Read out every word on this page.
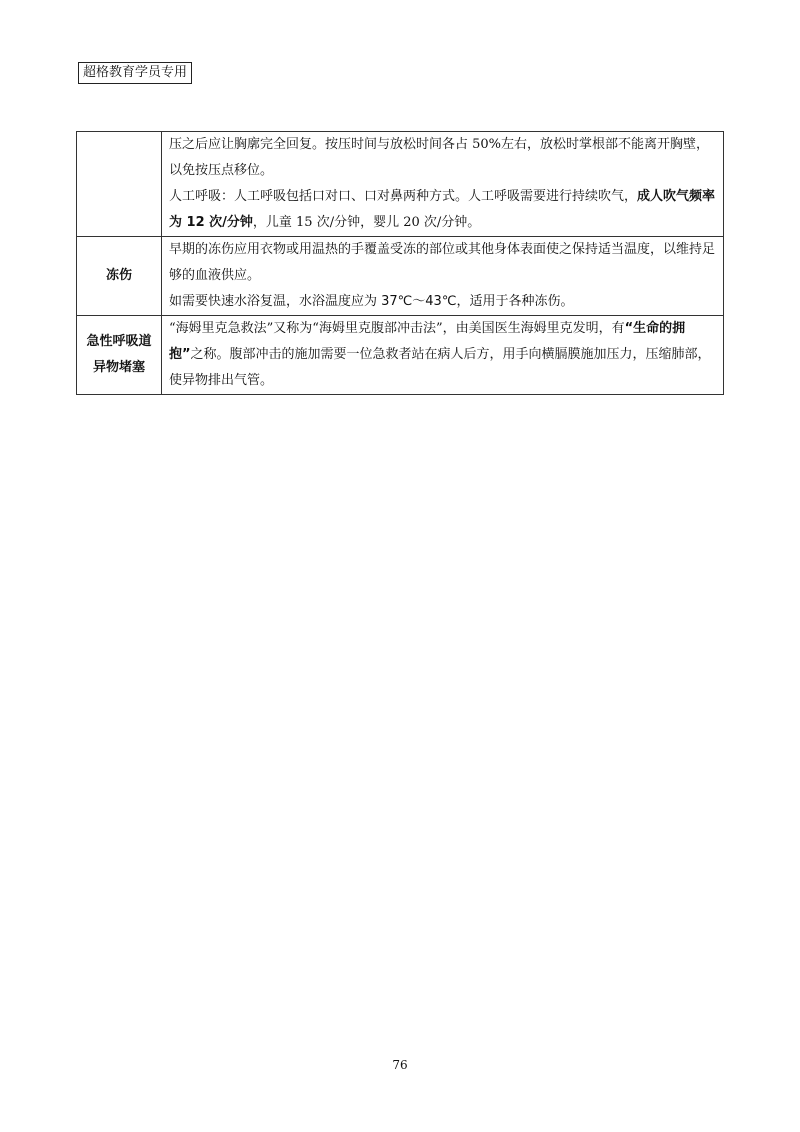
超格教育学员专用

	压之后应让胸廓完全回复。按压时间与放松时间各占 50%左右，放松时掌根部不能离开胸壁，以免按压点移位。

人工呼吸：人工呼吸包括口对口、口对鼻两种方式。人工呼吸需要进行持续吹气，成人吹气频率为 12 次/分钟，儿童 15 次/分钟，婴儿 20 次/分钟。

冻伤	早期的冻伤应用衣物或用温热的手覆盖受冻的部位或其他身体表面使之保持适当温度，以维持足够的血液供应。

如需要快速水浴复温，水浴温度应为 37℃～43℃，适用于各种冻伤。

急性呼吸道
异物堵塞	“海姆里克急救法”又称为“海姆里克腹部冲击法”，由美国医生海姆里克发明，有“生命的拥抱”之称。腹部冲击的施加需要一位急救者站在病人后方，用手向横膈膜施加压力，压缩肺部，使异物排出气管。

76
